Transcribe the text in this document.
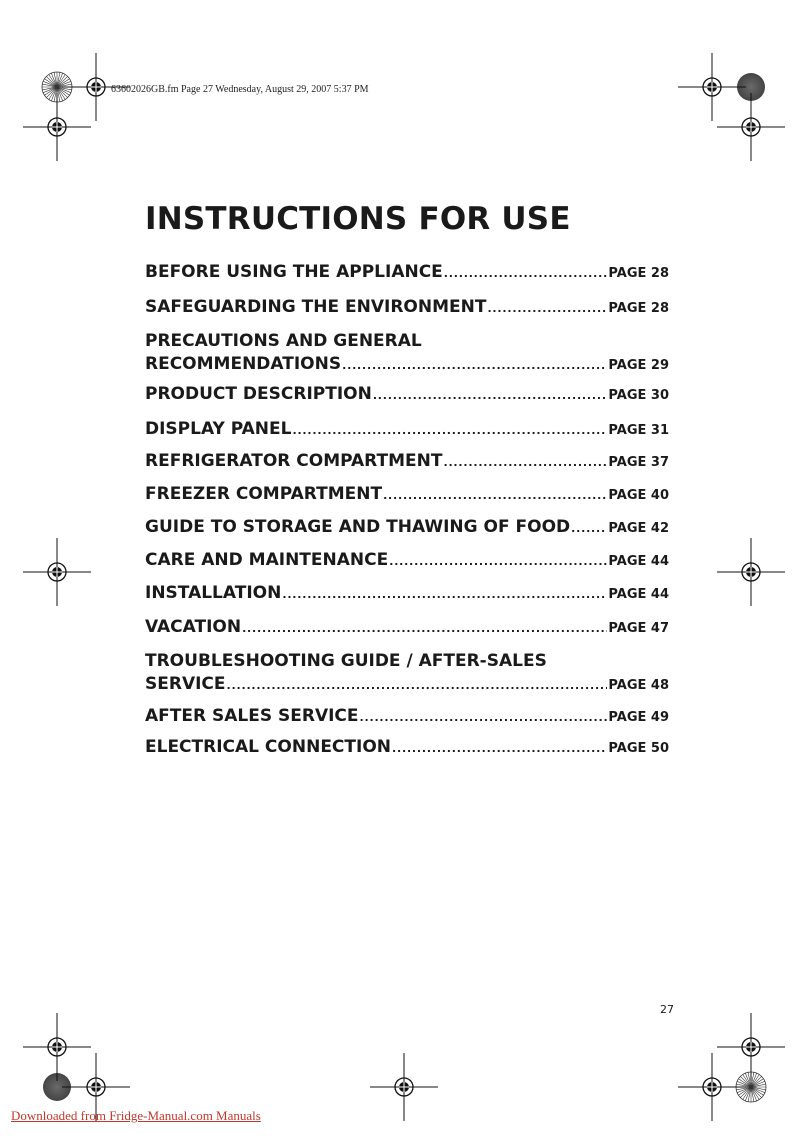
63602026GB.fm Page 27 Wednesday, August 29, 2007 5:37 PM
INSTRUCTIONS FOR USE
BEFORE USING THE APPLIANCE .....	PAGE 28
SAFEGUARDING THE ENVIRONMENT .....	PAGE 28
PRECAUTIONS AND GENERAL
RECOMMENDATIONS .....	PAGE 29
PRODUCT DESCRIPTION .....	PAGE 30
DISPLAY PANEL .....	PAGE 31
REFRIGERATOR COMPARTMENT .....	PAGE 37
FREEZER COMPARTMENT .....	PAGE 40
GUIDE TO STORAGE AND THAWING OF FOOD .....	PAGE 42
CARE AND MAINTENANCE .....	PAGE 44
INSTALLATION .....	PAGE 44
VACATION .....	PAGE 47
TROUBLESHOOTING GUIDE / AFTER-SALES
SERVICE .....	PAGE 48
AFTER SALES SERVICE .....	PAGE 49
ELECTRICAL CONNECTION .....	PAGE 50
27
Downloaded from Fridge-Manual.com Manuals
